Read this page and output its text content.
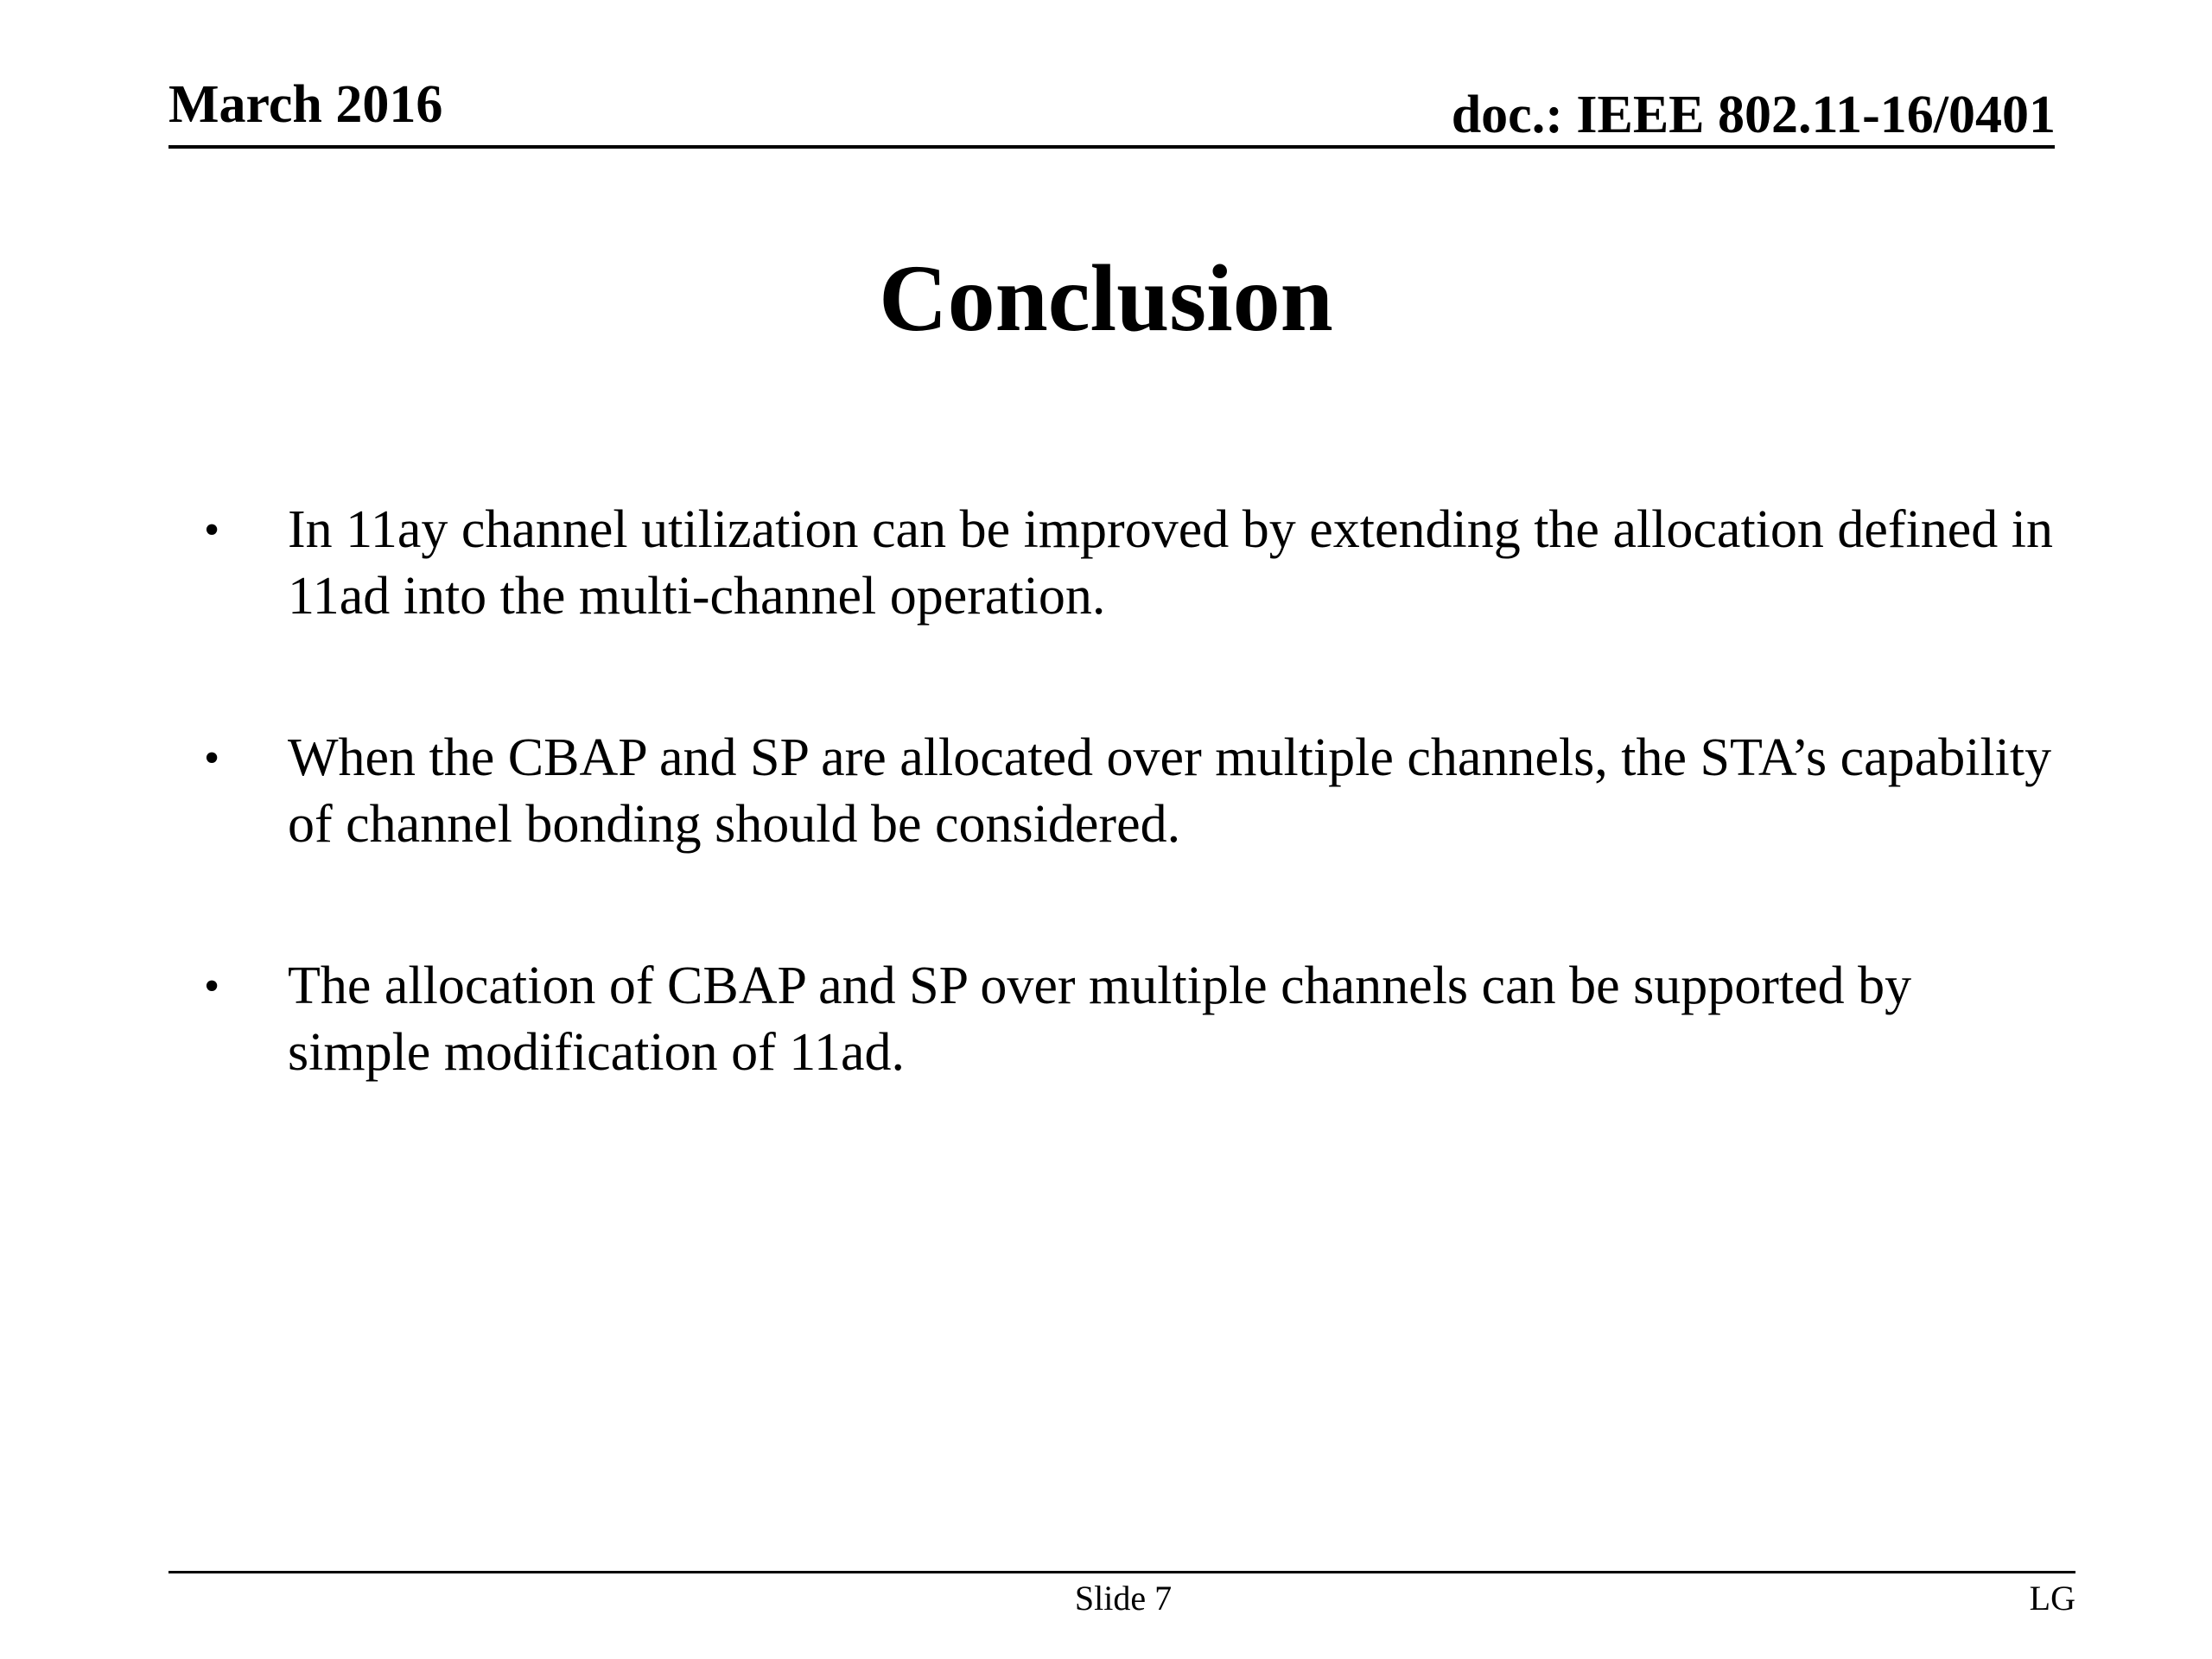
March 2016	doc.: IEEE 802.11-16/0401
Conclusion
• In 11ay channel utilization can be improved by extending the allocation defined in 11ad into the multi-channel operation.
• When the CBAP and SP are allocated over multiple channels, the STA’s capability of channel bonding should be considered.
• The allocation of CBAP and SP over multiple channels can be supported by simple modification of 11ad.
Slide 7	LG
